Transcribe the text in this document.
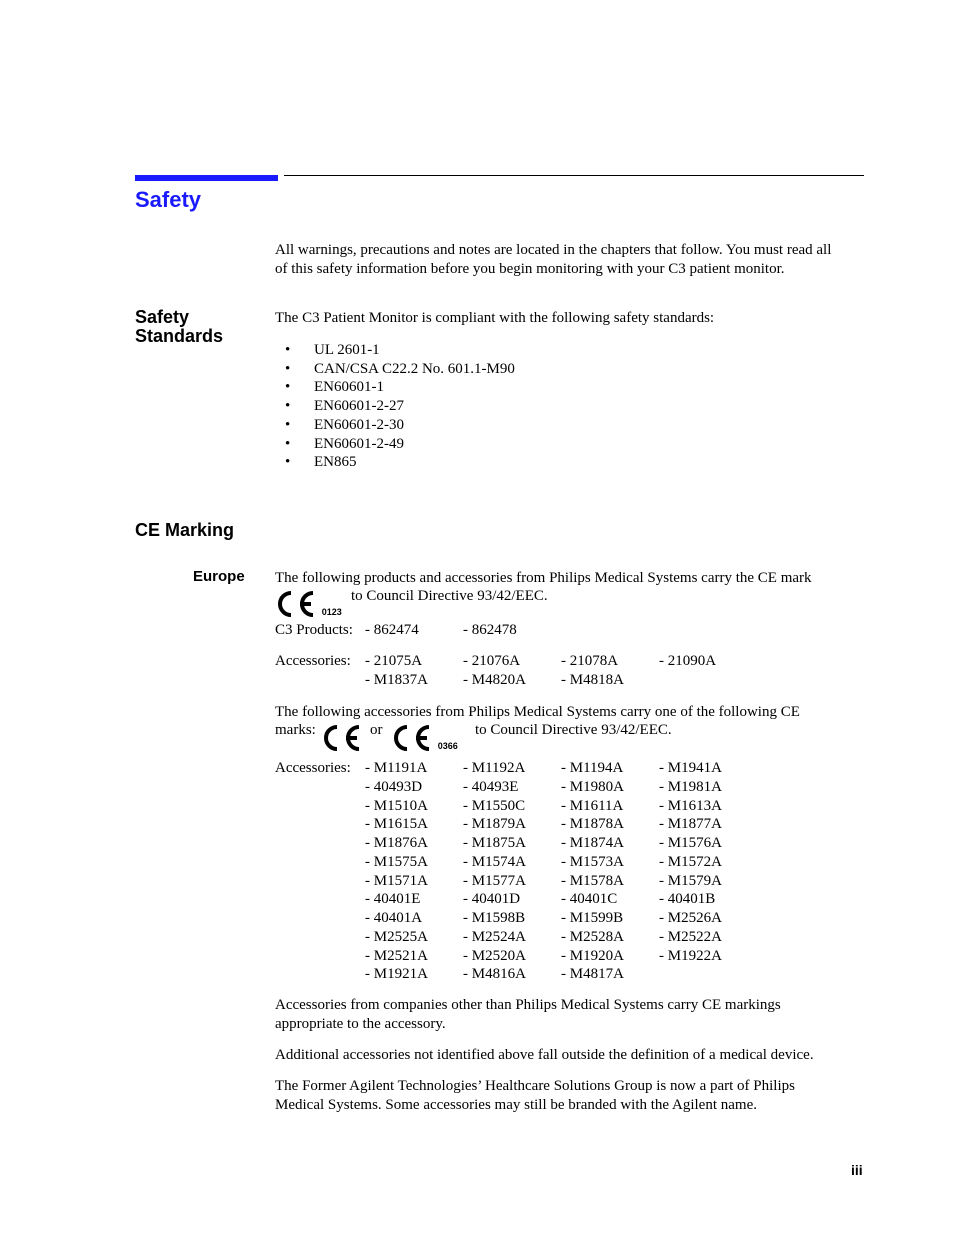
Safety
All warnings, precautions and notes are located in the chapters that follow. You must read all
of this safety information before you begin monitoring with your C3 patient monitor.
Safety
Standards
The C3 Patient Monitor is compliant with the following safety standards:
• UL 2601-1
• CAN/CSA C22.2 No. 601.1-M90
• EN60601-1
• EN60601-2-27
• EN60601-2-30
• EN60601-2-49
• EN865
CE Marking
Europe The following products and accessories from Philips Medical Systems carry the CE mark
$_{0123}$
to Council Directive 93/42/EEC.
C3 Products: - 862474	- 862478
Accessories: - 21075A	- 21076A	- 21078A	- 21090A
- M1837A	- M4820A	- M4818A
The following accessories from Philips Medical Systems carry one of the following CE
marks:	or
$_{0366}$
to Council Directive 93/42/EEC.
Accessories: - M1191A	- M1192A	- M1194A	- M1941A
- 40493D	- 40493E	- M1980A	- M1981A
- M1510A	- M1550C	- M1611A	- M1613A
- M1615A	- M1879A	- M1878A	- M1877A
- M1876A	- M1875A	- M1874A	- M1576A
- M1575A	- M1574A	- M1573A	- M1572A
- M1571A	- M1577A	- M1578A	- M1579A
- 40401E	- 40401D	- 40401C	- 40401B
- 40401A	- M1598B	- M1599B	- M2526A
- M2525A	- M2524A	- M2528A	- M2522A
- M2521A	- M2520A	- M1920A	- M1922A
- M1921A	- M4816A	- M4817A
Accessories from companies other than Philips Medical Systems carry CE markings
appropriate to the accessory.
Additional accessories not identified above fall outside the definition of a medical device.
The Former Agilent Technologies’ Healthcare Solutions Group is now a part of Philips
Medical Systems. Some accessories may still be branded with the Agilent name.
iii
